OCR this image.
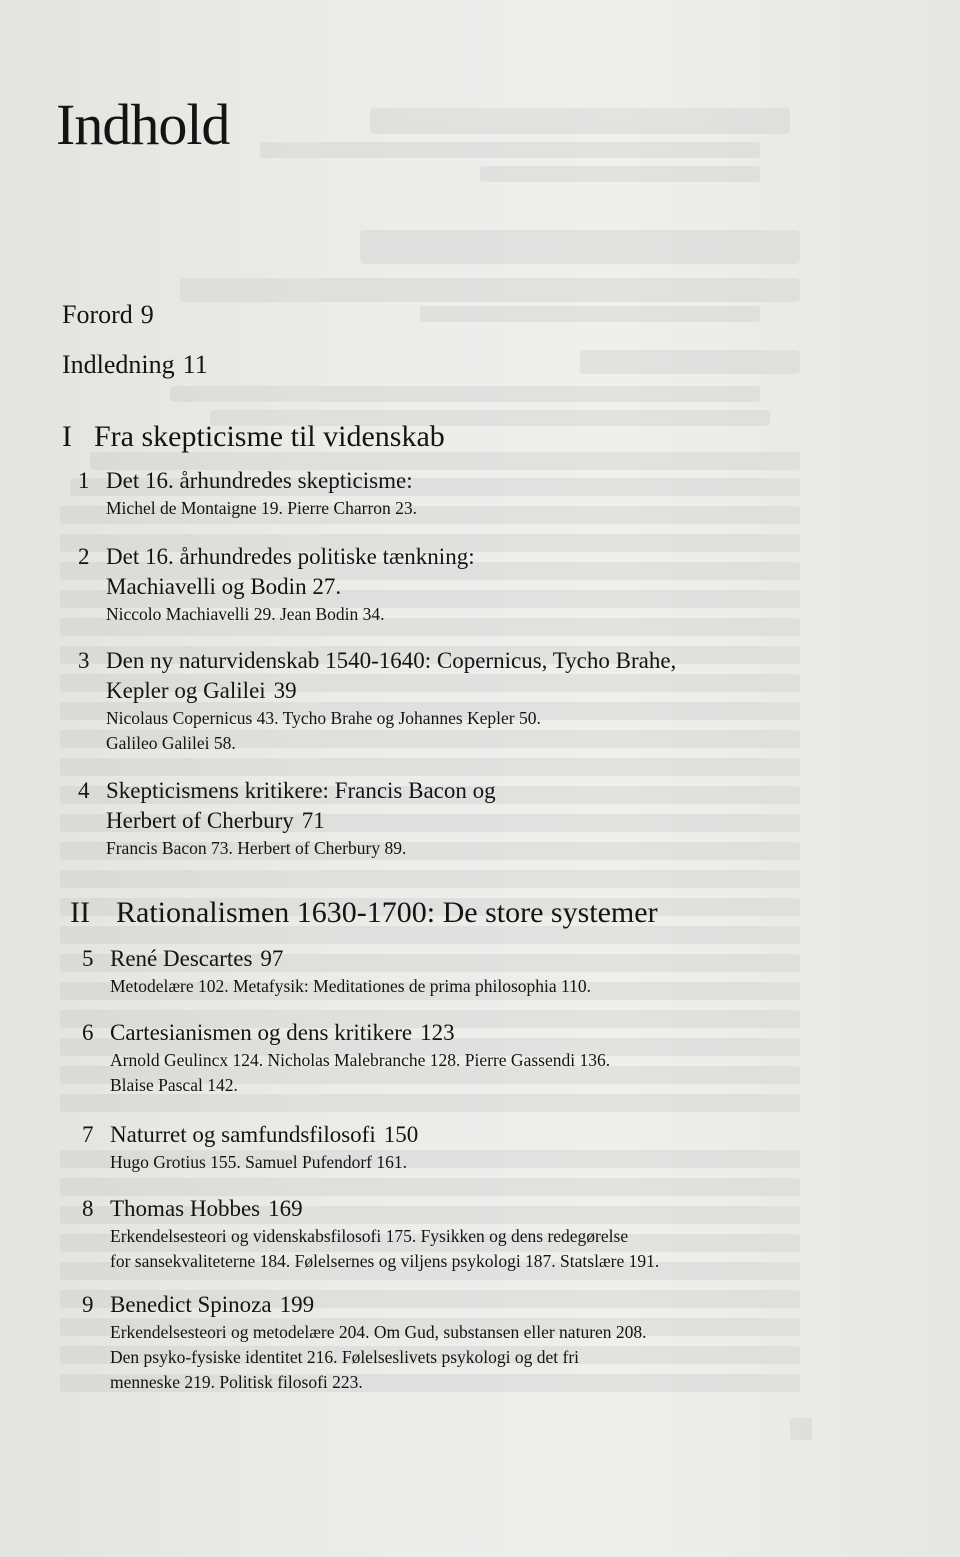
Indhold
Forord 9
Indledning 11
I Fra skepticisme til videnskab
1 Det 16. århundredes skepticisme:
Michel de Montaigne 19. Pierre Charron 23.
2 Det 16. århundredes politiske tænkning:
Machiavelli og Bodin 27.
Niccolo Machiavelli 29. Jean Bodin 34.
3 Den ny naturvidenskab 1540-1640: Copernicus, Tycho Brahe,
Kepler og Galilei 39
Nicolaus Copernicus 43. Tycho Brahe og Johannes Kepler 50.
Galileo Galilei 58.
4 Skepticismens kritikere: Francis Bacon og
Herbert of Cherbury 71
Francis Bacon 73. Herbert of Cherbury 89.
II Rationalismen 1630-1700: De store systemer
5 René Descartes 97
Metodelære 102. Metafysik: Meditationes de prima philosophia 110.
6 Cartesianismen og dens kritikere 123
Arnold Geulincx 124. Nicholas Malebranche 128. Pierre Gassendi 136.
Blaise Pascal 142.
7 Naturret og samfundsfilosofi 150
Hugo Grotius 155. Samuel Pufendorf 161.
8 Thomas Hobbes 169
Erkendelsesteori og videnskabsfilosofi 175. Fysikken og dens redegørelse
for sansekvaliteterne 184. Følelsernes og viljens psykologi 187. Statslære 191.
9 Benedict Spinoza 199
Erkendelsesteori og metodelære 204. Om Gud, substansen eller naturen 208.
Den psyko-fysiske identitet 216. Følelseslivets psykologi og det fri
menneske 219. Politisk filosofi 223.
